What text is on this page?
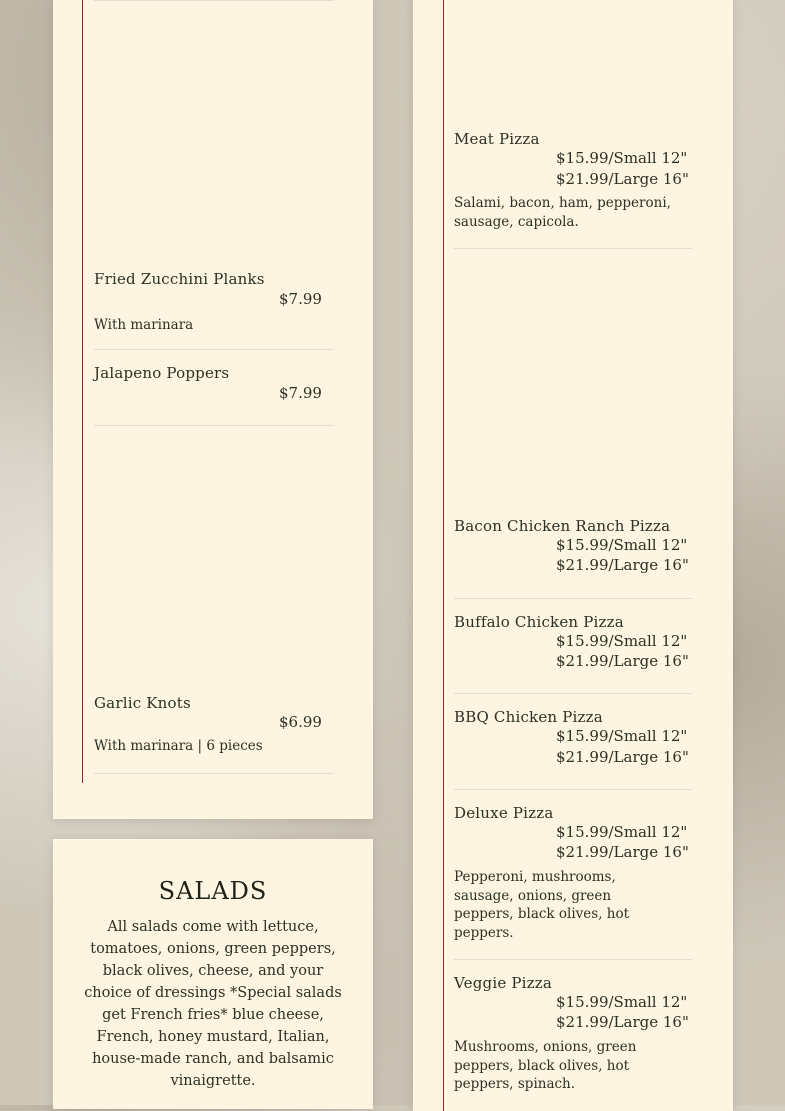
Fried Zucchini Planks
$7.99
With marinara
Jalapeno Poppers
$7.99
Garlic Knots
$6.99
With marinara | 6 pieces
SALADS
All salads come with lettuce, tomatoes, onions, green peppers, black olives, cheese, and your choice of dressings *Special salads get French fries* blue cheese, French, honey mustard, Italian, house-made ranch, and balsamic vinaigrette.
Meat Pizza
$15.99/Small 12"
$21.99/Large 16"
Salami, bacon, ham, pepperoni, sausage, capicola.
Bacon Chicken Ranch Pizza
$15.99/Small 12"
$21.99/Large 16"
Buffalo Chicken Pizza
$15.99/Small 12"
$21.99/Large 16"
BBQ Chicken Pizza
$15.99/Small 12"
$21.99/Large 16"
Deluxe Pizza
$15.99/Small 12"
$21.99/Large 16"
Pepperoni, mushrooms, sausage, onions, green peppers, black olives, hot peppers.
Veggie Pizza
$15.99/Small 12"
$21.99/Large 16"
Mushrooms, onions, green peppers, black olives, hot peppers, spinach.
